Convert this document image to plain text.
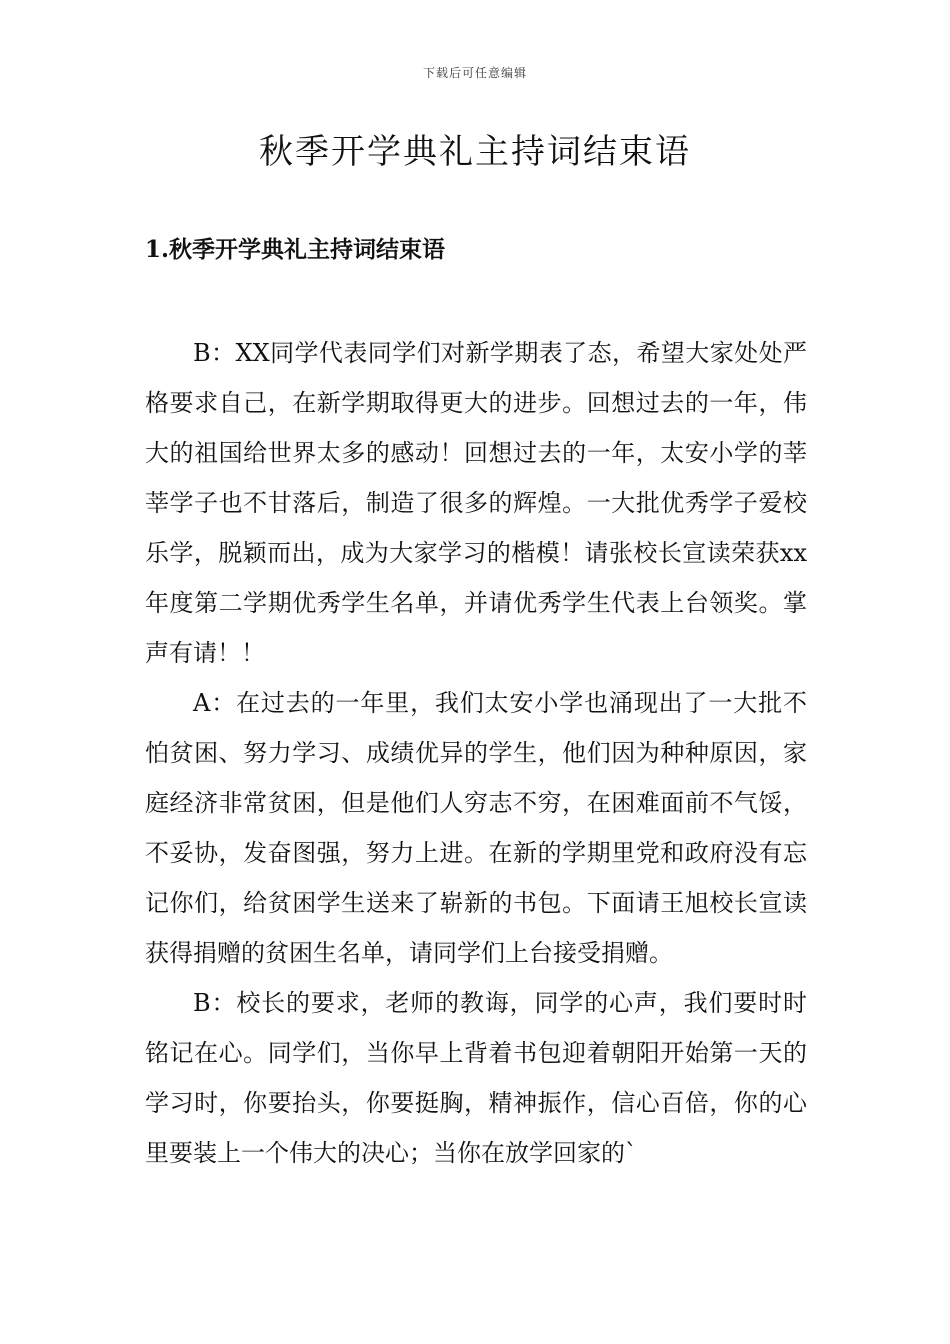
下载后可任意编辑
秋季开学典礼主持词结束语
1.秋季开学典礼主持词结束语

B：XX同学代表同学们对新学期表了态，希望大家处处严格要求自己，在新学期取得更大的进步。回想过去的一年，伟大的祖国给世界太多的感动！回想过去的一年，太安小学的莘莘学子也不甘落后，制造了很多的辉煌。一大批优秀学子爱校乐学，脱颖而出，成为大家学习的楷模！请张校长宣读荣获xx年度第二学期优秀学生名单，并请优秀学生代表上台领奖。掌声有请！！

A：在过去的一年里，我们太安小学也涌现出了一大批不怕贫困、努力学习、成绩优异的学生，他们因为种种原因，家庭经济非常贫困，但是他们人穷志不穷，在困难面前不气馁，不妥协，发奋图强，努力上进。在新的学期里党和政府没有忘记你们，给贫困学生送来了崭新的书包。下面请王旭校长宣读获得捐赠的贫困生名单，请同学们上台接受捐赠。

B：校长的要求，老师的教诲，同学的心声，我们要时时铭记在心。同学们，当你早上背着书包迎着朝阳开始第一天的学习时，你要抬头，你要挺胸，精神振作，信心百倍，你的心里要装上一个伟大的决心；当你在放学回家的`
